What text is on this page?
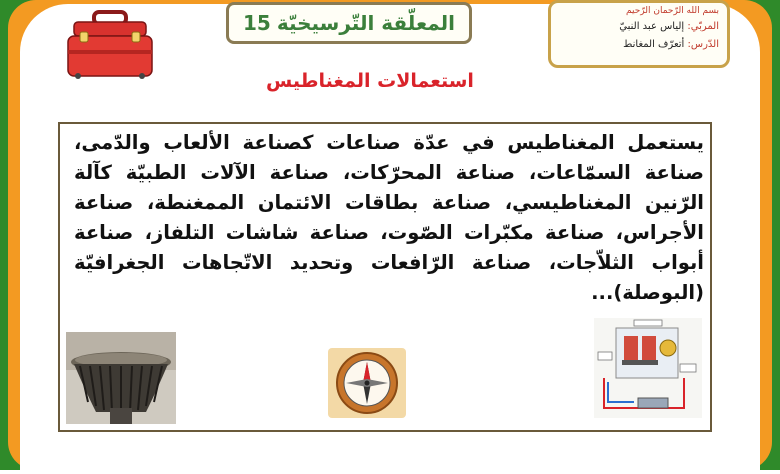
المعلّقة التّرسيخيّة
15	بسم الله الرّحمان الرّحيم
المربّي: إلياس عبد النبيّ
الدّرس: أتعرّف المغانط
استعمالات المغناطيس
يستعمل المغناطيس في عدّة صناعات كصناعة الألعاب والدّمى، صناعة السمّاعات، صناعة المحرّكات، صناعة الآلات الطبيّة كآلة الرّنين المغناطيسي، صناعة بطاقات الائتمان الممغنطة، صناعة الأجراس، صناعة مكبّرات الصّوت، صناعة شاشات التلفاز، صناعة أبواب الثلاّجات، صناعة الرّافعات وتحديد الاتّجاهات الجغرافيّة (البوصلة)...
